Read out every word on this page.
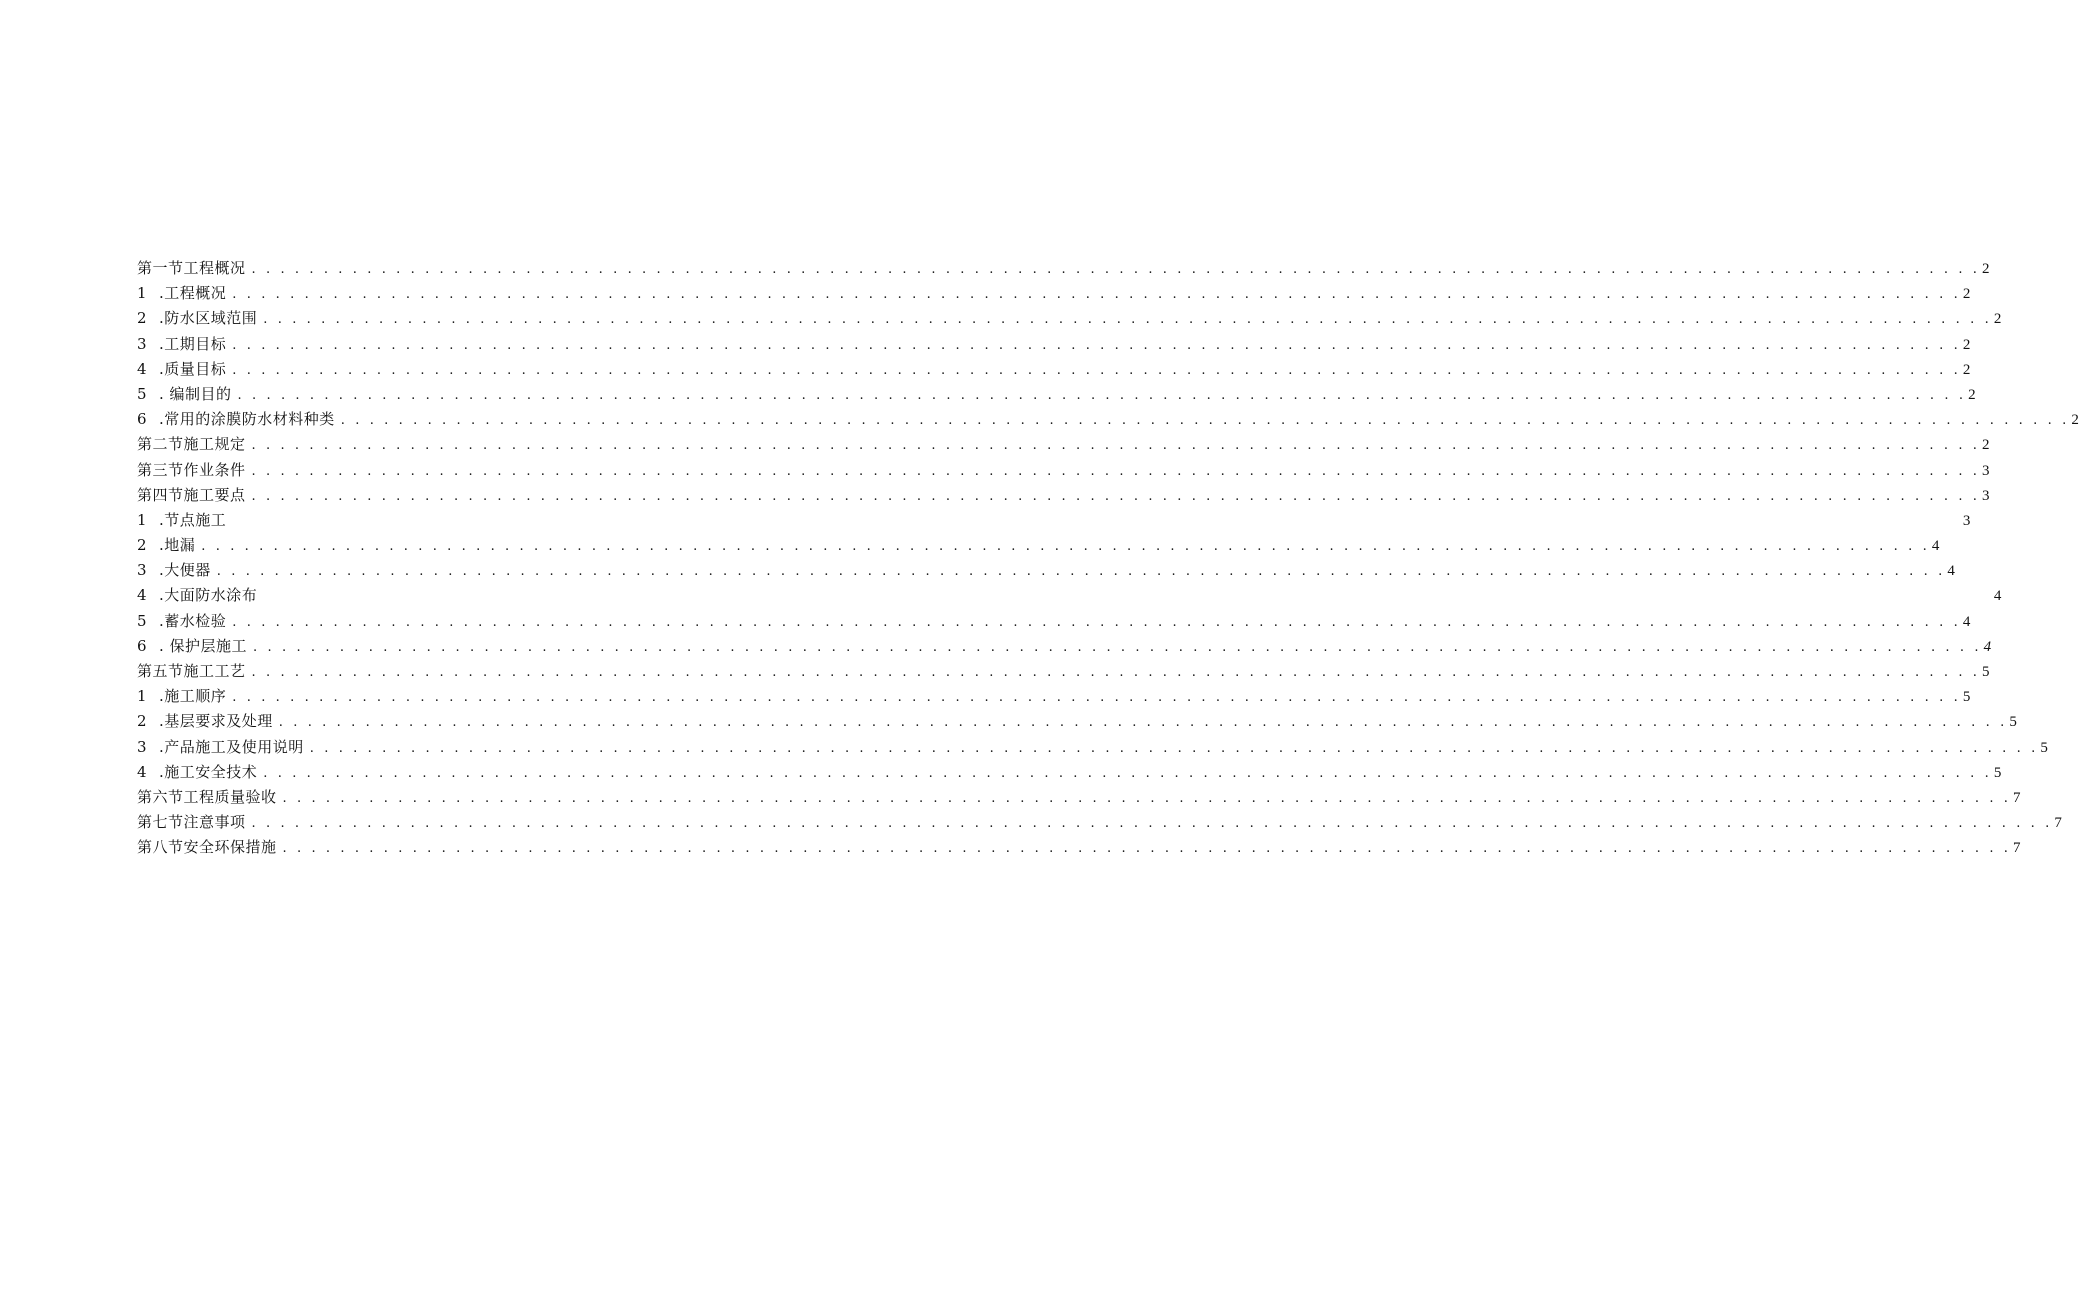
第一节工程概况 . . . . . . . . . . . . . . . . . . . . . . . . . . . . . . . . . . . . . . . . . . . . . . . . . . . . . . . . . . . . . . . . . . . . . . . . . . . . . . . . . . . . . . . . . . . . . . . . . . . . . . . . . . . . . . . . . . . . . . . . 2
1 .工程概况 . . . . . . . . . . . . . . . . . . . . . . . . . . . . . . . . . . . . . . . . . . . . . . . . . . . . . . . . . . . . . . . . . . . . . . . . . . . . . . . . . . . . . . . . . . . . . . . . . . . . . . . . . . . . . . . . . . . . . . . . 2
2 .防水区域范围 . . . . . . . . . . . . . . . . . . . . . . . . . . . . . . . . . . . . . . . . . . . . . . . . . . . . . . . . . . . . . . . . . . . . . . . . . . . . . . . . . . . . . . . . . . . . . . . . . . . . . . . . . . . . . . . . . . . . . . . . 2
3 .工期目标 . . . . . . . . . . . . . . . . . . . . . . . . . . . . . . . . . . . . . . . . . . . . . . . . . . . . . . . . . . . . . . . . . . . . . . . . . . . . . . . . . . . . . . . . . . . . . . . . . . . . . . . . . . . . . . . . . . . . . . . . 2
4 .质量目标 . . . . . . . . . . . . . . . . . . . . . . . . . . . . . . . . . . . . . . . . . . . . . . . . . . . . . . . . . . . . . . . . . . . . . . . . . . . . . . . . . . . . . . . . . . . . . . . . . . . . . . . . . . . . . . . . . . . . . . . . 2
5 . 编制目的 . . . . . . . . . . . . . . . . . . . . . . . . . . . . . . . . . . . . . . . . . . . . . . . . . . . . . . . . . . . . . . . . . . . . . . . . . . . . . . . . . . . . . . . . . . . . . . . . . . . . . . . . . . . . . . . . . . . . . . . . 2
6 .常用的涂膜防水材料种类 . . . . . . . . . . . . . . . . . . . . . . . . . . . . . . . . . . . . . . . . . . . . . . . . . . . . . . . . . . . . . . . . . . . . . . . . . . . . . . . . . . . . . . . . . . . . . . . . . . . . . . . . . . . . . . . . . . . . . . . . 2
第二节施工规定 . . . . . . . . . . . . . . . . . . . . . . . . . . . . . . . . . . . . . . . . . . . . . . . . . . . . . . . . . . . . . . . . . . . . . . . . . . . . . . . . . . . . . . . . . . . . . . . . . . . . . . . . . . . . . . . . . . . . . . . . 2
第三节作业条件 . . . . . . . . . . . . . . . . . . . . . . . . . . . . . . . . . . . . . . . . . . . . . . . . . . . . . . . . . . . . . . . . . . . . . . . . . . . . . . . . . . . . . . . . . . . . . . . . . . . . . . . . . . . . . . . . . . . . . . . . 3
第四节施工要点 . . . . . . . . . . . . . . . . . . . . . . . . . . . . . . . . . . . . . . . . . . . . . . . . . . . . . . . . . . . . . . . . . . . . . . . . . . . . . . . . . . . . . . . . . . . . . . . . . . . . . . . . . . . . . . . . . . . . . . . . 3
1 .节点施工	3
2 .地漏 . . . . . . . . . . . . . . . . . . . . . . . . . . . . . . . . . . . . . . . . . . . . . . . . . . . . . . . . . . . . . . . . . . . . . . . . . . . . . . . . . . . . . . . . . . . . . . . . . . . . . . . . . . . . . . . . . . . . . . . . 4
3 .大便器 . . . . . . . . . . . . . . . . . . . . . . . . . . . . . . . . . . . . . . . . . . . . . . . . . . . . . . . . . . . . . . . . . . . . . . . . . . . . . . . . . . . . . . . . . . . . . . . . . . . . . . . . . . . . . . . . . . . . . . . . 4
4 .大面防水涂布	4
5 .蓄水检验 . . . . . . . . . . . . . . . . . . . . . . . . . . . . . . . . . . . . . . . . . . . . . . . . . . . . . . . . . . . . . . . . . . . . . . . . . . . . . . . . . . . . . . . . . . . . . . . . . . . . . . . . . . . . . . . . . . . . . . . . 4
6 . 保护层施工 . . . . . . . . . . . . . . . . . . . . . . . . . . . . . . . . . . . . . . . . . . . . . . . . . . . . . . . . . . . . . . . . . . . . . . . . . . . . . . . . . . . . . . . . . . . . . . . . . . . . . . . . . . . . . . . . . . . . . . . . 4
第五节施工工艺 . . . . . . . . . . . . . . . . . . . . . . . . . . . . . . . . . . . . . . . . . . . . . . . . . . . . . . . . . . . . . . . . . . . . . . . . . . . . . . . . . . . . . . . . . . . . . . . . . . . . . . . . . . . . . . . . . . . . . . . . 5
1 .施工顺序 . . . . . . . . . . . . . . . . . . . . . . . . . . . . . . . . . . . . . . . . . . . . . . . . . . . . . . . . . . . . . . . . . . . . . . . . . . . . . . . . . . . . . . . . . . . . . . . . . . . . . . . . . . . . . . . . . . . . . . . . 5
2 .基层要求及处理 . . . . . . . . . . . . . . . . . . . . . . . . . . . . . . . . . . . . . . . . . . . . . . . . . . . . . . . . . . . . . . . . . . . . . . . . . . . . . . . . . . . . . . . . . . . . . . . . . . . . . . . . . . . . . . . . . . . . . . . . 5
3 .产品施工及使用说明 . . . . . . . . . . . . . . . . . . . . . . . . . . . . . . . . . . . . . . . . . . . . . . . . . . . . . . . . . . . . . . . . . . . . . . . . . . . . . . . . . . . . . . . . . . . . . . . . . . . . . . . . . . . . . . . . . . . . . . . . 5
4 .施工安全技术 . . . . . . . . . . . . . . . . . . . . . . . . . . . . . . . . . . . . . . . . . . . . . . . . . . . . . . . . . . . . . . . . . . . . . . . . . . . . . . . . . . . . . . . . . . . . . . . . . . . . . . . . . . . . . . . . . . . . . . . . 5
第六节工程质量验收 . . . . . . . . . . . . . . . . . . . . . . . . . . . . . . . . . . . . . . . . . . . . . . . . . . . . . . . . . . . . . . . . . . . . . . . . . . . . . . . . . . . . . . . . . . . . . . . . . . . . . . . . . . . . . . . . . . . . . . . . 7
第七节注意事项 . . . . . . . . . . . . . . . . . . . . . . . . . . . . . . . . . . . . . . . . . . . . . . . . . . . . . . . . . . . . . . . . . . . . . . . . . . . . . . . . . . . . . . . . . . . . . . . . . . . . . . . . . . . . . . . . . . . . . . . . . . . . . 7
第八节安全环保措施 . . . . . . . . . . . . . . . . . . . . . . . . . . . . . . . . . . . . . . . . . . . . . . . . . . . . . . . . . . . . . . . . . . . . . . . . . . . . . . . . . . . . . . . . . . . . . . . . . . . . . . . . . . . . . . . . . . . . . . . . 7
